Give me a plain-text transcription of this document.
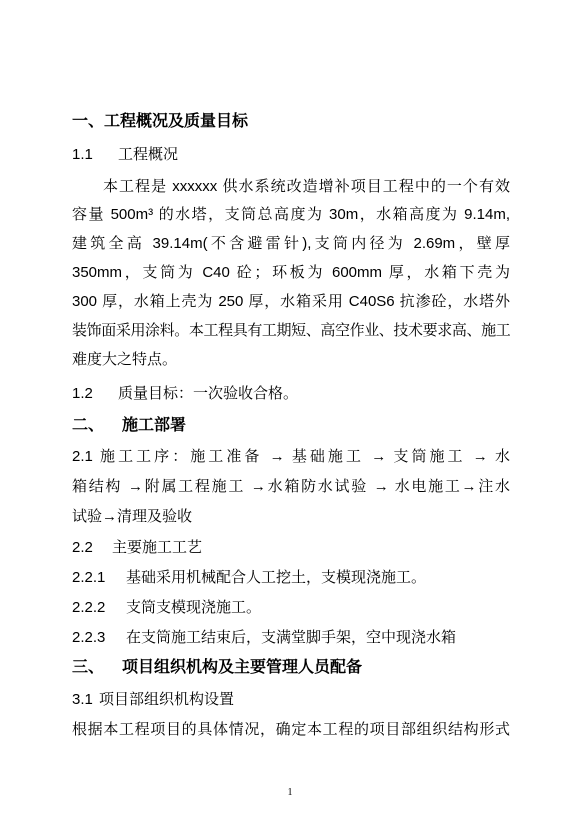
一、工程概况及质量目标
1.1 工程概况
本工程是 xxxxxx 供水系统改造增补项目工程中的一个有效
容量 500m³ 的水塔，支筒总高度为 30m，水箱高度为 9.14m,
建筑全高 39.14m(不含避雷针),支筒内径为 2.69m，壁厚
350mm，支筒为 C40 砼；环板为 600mm 厚，水箱下壳为
300 厚，水箱上壳为 250 厚，水箱采用 C40S6 抗渗砼，水塔外
装饰面采用涂料。本工程具有工期短、高空作业、技术要求高、施工
难度大之特点。
1.2 质量目标：一次验收合格。
二、 施工部署
2.1 施工工序：施工准备 → 基础施工 → 支筒施工 → 水
箱结构 →附属工程施工 →水箱防水试验 → 水电施工→注水
试验→清理及验收
2.2 主要施工工艺
2.2.1 基础采用机械配合人工挖土，支模现浇施工。
2.2.2 支筒支模现浇施工。
2.2.3 在支筒施工结束后，支满堂脚手架，空中现浇水箱
三、 项目组织机构及主要管理人员配备
3.1 项目部组织机构设置
根据本工程项目的具体情况，确定本工程的项目部组织结构形式
1
